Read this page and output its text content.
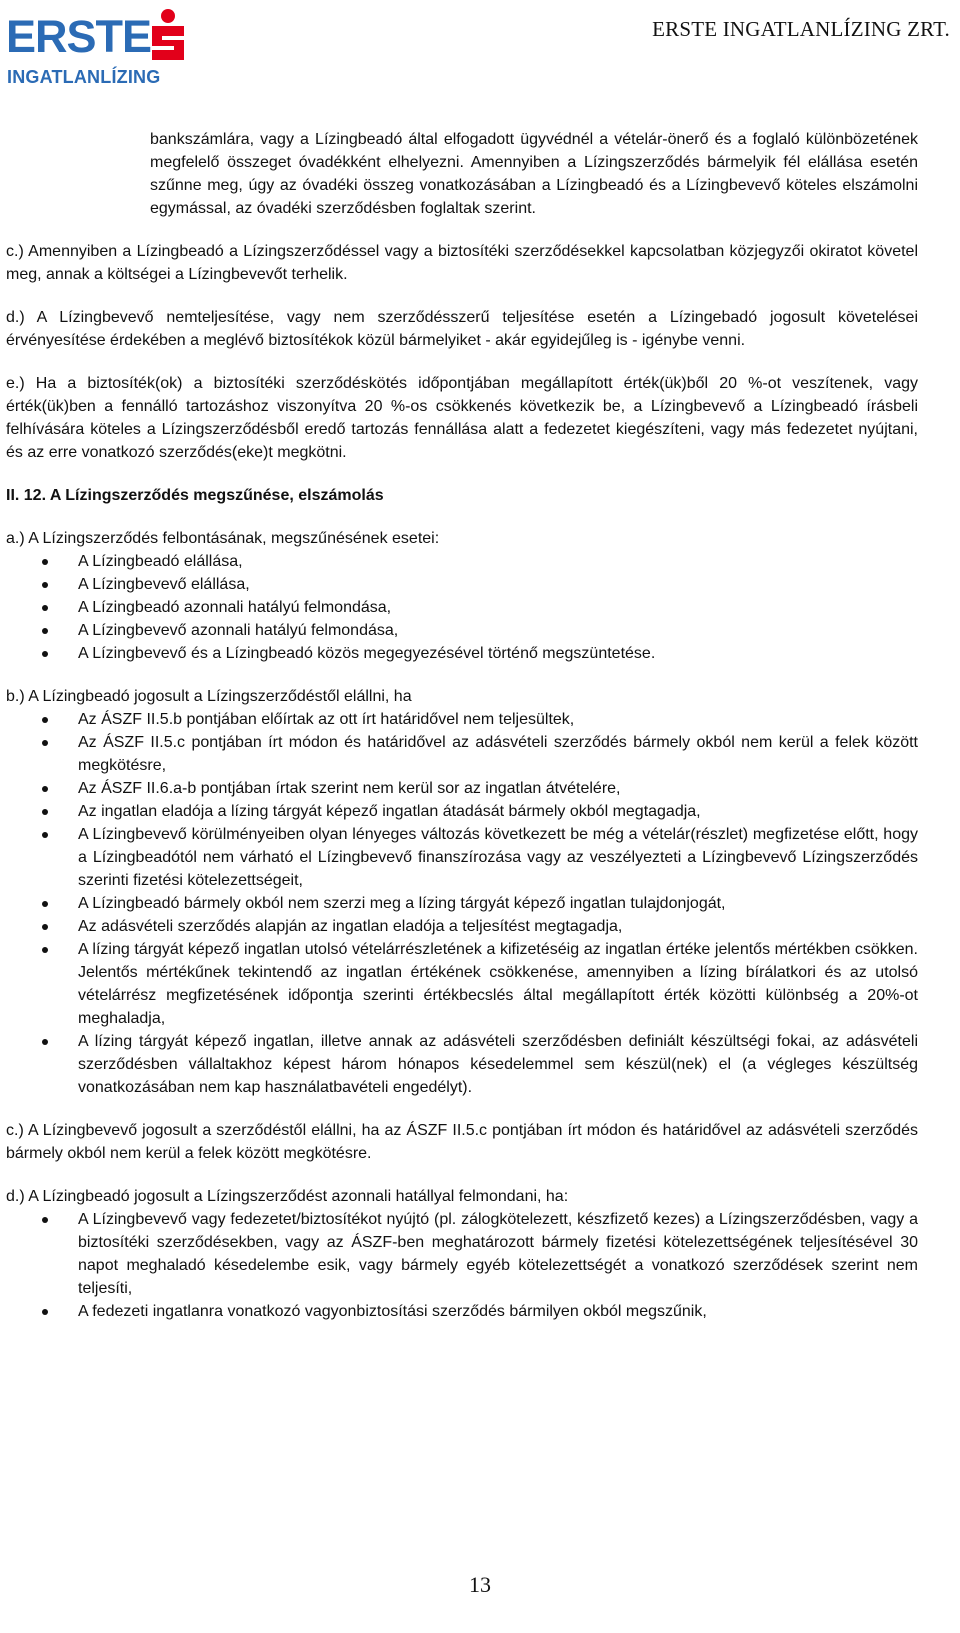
ERSTE
INGATLANLÍZING
ERSTE INGATLANLÍZING ZRT.

bankszámlára, vagy a Lízingbeadó által elfogadott ügyvédnél a vételár-önerő és a foglaló különbözetének megfelelő összeget óvadékként elhelyezni. Amennyiben a Lízingszerződés bármelyik fél elállása esetén szűnne meg, úgy az óvadéki összeg vonatkozásában a Lízingbeadó és a Lízingbevevő köteles elszámolni egymással, az óvadéki szerződésben foglaltak szerint.

c.) Amennyiben a Lízingbeadó a Lízingszerződéssel vagy a biztosítéki szerződésekkel kapcsolatban közjegyzői okiratot követel meg, annak a költségei a Lízingbevevőt terhelik.

d.) A Lízingbevevő nemteljesítése, vagy nem szerződésszerű teljesítése esetén a Lízingebadó jogosult követelései érvényesítése érdekében a meglévő biztosítékok közül bármelyiket - akár egyidejűleg is - igénybe venni.

e.) Ha a biztosíték(ok) a biztosítéki szerződéskötés időpontjában megállapított érték(ük)ből 20 %-ot veszítenek, vagy érték(ük)ben a fennálló tartozáshoz viszonyítva 20 %-os csökkenés következik be, a Lízingbevevő a Lízingbeadó írásbeli felhívására köteles a Lízingszerződésből eredő tartozás fennállása alatt a fedezetet kiegészíteni, vagy más fedezetet nyújtani, és az erre vonatkozó szerződés(eke)t megkötni.

II. 12. A Lízingszerződés megszűnése, elszámolás

a.) A Lízingszerződés felbontásának, megszűnésének esetei:

A Lízingbeadó elállása,
A Lízingbevevő elállása,
A Lízingbeadó azonnali hatályú felmondása,
A Lízingbevevő azonnali hatályú felmondása,
A Lízingbevevő és a Lízingbeadó közös megegyezésével történő megszüntetése.

b.) A Lízingbeadó jogosult a Lízingszerződéstől elállni, ha

Az ÁSZF II.5.b pontjában előírtak az ott írt határidővel nem teljesültek,
Az ÁSZF II.5.c pontjában írt módon és határidővel az adásvételi szerződés bármely okból nem kerül a felek között megkötésre,
Az ÁSZF II.6.a-b pontjában írtak szerint nem kerül sor az ingatlan átvételére,
Az ingatlan eladója a lízing tárgyát képező ingatlan átadását bármely okból megtagadja,
A Lízingbevevő körülményeiben olyan lényeges változás következett be még a vételár(részlet) megfizetése előtt, hogy a Lízingbeadótól nem várható el Lízingbevevő finanszírozása vagy az veszélyezteti a Lízingbevevő Lízingszerződés szerinti fizetési kötelezettségeit,
A Lízingbeadó bármely okból nem szerzi meg a lízing tárgyát képező ingatlan tulajdonjogát,
Az adásvételi szerződés alapján az ingatlan eladója a teljesítést megtagadja,
A lízing tárgyát képező ingatlan utolsó vételárrészletének a kifizetéséig az ingatlan értéke jelentős mértékben csökken. Jelentős mértékűnek tekintendő az ingatlan értékének csökkenése, amennyiben a lízing bírálatkori és az utolsó vételárrész megfizetésének időpontja szerinti értékbecslés által megállapított érték közötti különbség a 20%-ot meghaladja,
A lízing tárgyát képező ingatlan, illetve annak az adásvételi szerződésben definiált készültségi fokai, az adásvételi szerződésben vállaltakhoz képest három hónapos késedelemmel sem készül(nek) el (a végleges készültség vonatkozásában nem kap használatbavételi engedélyt).

c.) A Lízingbevevő jogosult a szerződéstől elállni, ha az ÁSZF II.5.c pontjában írt módon és határidővel az adásvételi szerződés bármely okból nem kerül a felek között megkötésre.

d.) A Lízingbeadó jogosult a Lízingszerződést azonnali hatállyal felmondani, ha:

A Lízingbevevő vagy fedezetet/biztosítékot nyújtó (pl. zálogkötelezett, készfizető kezes) a Lízingszerződésben, vagy a biztosítéki szerződésekben, vagy az ÁSZF-ben meghatározott bármely fizetési kötelezettségének teljesítésével 30 napot meghaladó késedelembe esik, vagy bármely egyéb kötelezettségét a vonatkozó szerződések szerint nem teljesíti,
A fedezeti ingatlanra vonatkozó vagyonbiztosítási szerződés bármilyen okból megszűnik,
13
